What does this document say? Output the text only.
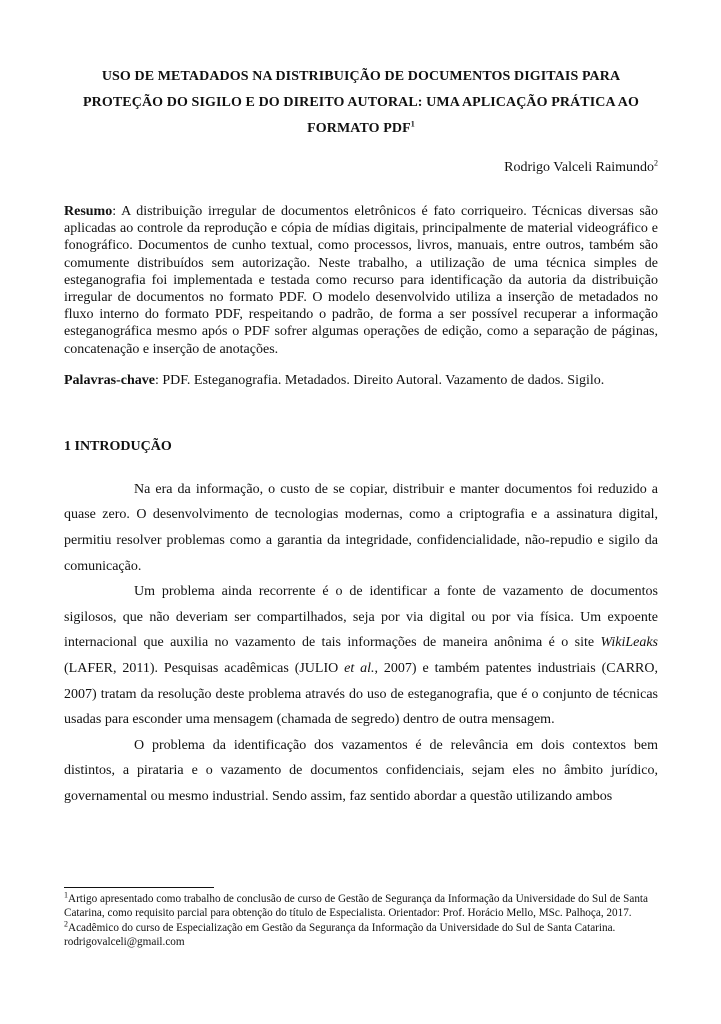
USO DE METADADOS NA DISTRIBUIÇÃO DE DOCUMENTOS DIGITAIS PARA
PROTEÇÃO DO SIGILO E DO DIREITO AUTORAL: UMA APLICAÇÃO PRÁTICA AO
FORMATO PDF$^1$
Rodrigo Valceli Raimundo$^2$
Resumo: A distribuição irregular de documentos eletrônicos é fato corriqueiro. Técnicas diversas são aplicadas ao controle da reprodução e cópia de mídias digitais, principalmente de material videográfico e fonográfico. Documentos de cunho textual, como processos, livros, manuais, entre outros, também são comumente distribuídos sem autorização. Neste trabalho, a utilização de uma técnica simples de esteganografia foi implementada e testada como recurso para identificação da autoria da distribuição irregular de documentos no formato PDF. O modelo desenvolvido utiliza a inserção de metadados no fluxo interno do formato PDF, respeitando o padrão, de forma a ser possível recuperar a informação esteganográfica mesmo após o PDF sofrer algumas operações de edição, como a separação de páginas, concatenação e inserção de anotações.
Palavras-chave: PDF. Esteganografia. Metadados. Direito Autoral. Vazamento de dados. Sigilo.
1 INTRODUÇÃO

Na era da informação, o custo de se copiar, distribuir e manter documentos foi reduzido a quase zero. O desenvolvimento de tecnologias modernas, como a criptografia e a assinatura digital, permitiu resolver problemas como a garantia da integridade, confidencialidade, não-repudio e sigilo da comunicação.

Um problema ainda recorrente é o de identificar a fonte de vazamento de documentos sigilosos, que não deveriam ser compartilhados, seja por via digital ou por via física. Um expoente internacional que auxilia no vazamento de tais informações de maneira anônima é o site WikiLeaks (LAFER, 2011). Pesquisas acadêmicas (JULIO et al., 2007) e também patentes industriais (CARRO, 2007) tratam da resolução deste problema através do uso de esteganografia, que é o conjunto de técnicas usadas para esconder uma mensagem (chamada de segredo) dentro de outra mensagem.

O problema da identificação dos vazamentos é de relevância em dois contextos bem distintos, a pirataria e o vazamento de documentos confidenciais, sejam eles no âmbito jurídico, governamental ou mesmo industrial. Sendo assim, faz sentido abordar a questão utilizando ambos

$^1$Artigo apresentado como trabalho de conclusão de curso de Gestão de Segurança da Informação da Universidade do Sul de Santa Catarina, como requisito parcial para obtenção do título de Especialista. Orientador: Prof. Horácio Mello, MSc. Palhoça, 2017.
$^2$Acadêmico do curso de Especialização em Gestão da Segurança da Informação da Universidade do Sul de Santa Catarina. rodrigovalceli@gmail.com
